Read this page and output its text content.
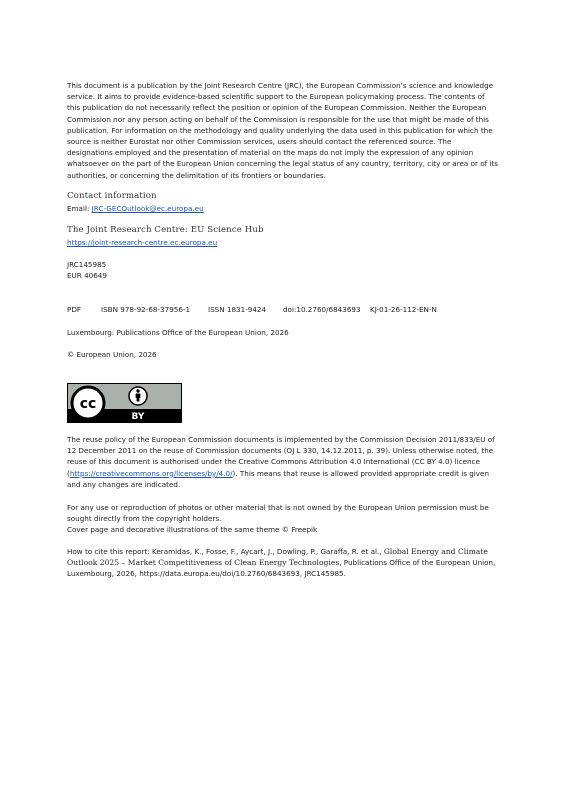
This document is a publication by the Joint Research Centre (JRC), the European Commission’s science and knowledge service. It aims to provide evidence-based scientific support to the European policymaking process. The contents of this publication do not necessarily reflect the position or opinion of the European Commission. Neither the European Commission nor any person acting on behalf of the Commission is responsible for the use that might be made of this publication. For information on the methodology and quality underlying the data used in this publication for which the source is neither Eurostat nor other Commission services, users should contact the referenced source. The designations employed and the presentation of material on the maps do not imply the expression of any opinion whatsoever on the part of the European Union concerning the legal status of any country, territory, city or area or of its authorities, or concerning the delimitation of its frontiers or boundaries.

Contact information
Email: JRC-GECOutlook@ec.europa.eu
The Joint Research Centre: EU Science Hub
https://joint-research-centre.ec.europa.eu
JRC145985
EUR 40649
PDF	ISBN 978-92-68-37956-1	ISSN 1831-9424	doi:10.2760/6843693	KJ-01-26-112-EN-N
Luxembourg: Publications Office of the European Union, 2026
© European Union, 2026
cc
BY

The reuse policy of the European Commission documents is implemented by the Commission Decision 2011/833/EU of 12 December 2011 on the reuse of Commission documents (OJ L 330, 14.12.2011, p. 39). Unless otherwise noted, the reuse of this document is authorised under the Creative Commons Attribution 4.0 International (CC BY 4.0) licence (https://creativecommons.org/licenses/by/4.0/). This means that reuse is allowed provided appropriate credit is given and any changes are indicated.

For any use or reproduction of photos or other material that is not owned by the European Union permission must be sought directly from the copyright holders.
Cover page and decorative illustrations of the same theme © Freepik

How to cite this report: Keramidas, K., Fosse, F., Aycart, J., Dowling, P., Garaffa, R. et al., Global Energy and Climate Outlook 2025 – Market Competitiveness of Clean Energy Technologies, Publications Office of the European Union, Luxembourg, 2026, https://data.europa.eu/doi/10.2760/6843693, JRC145985.
